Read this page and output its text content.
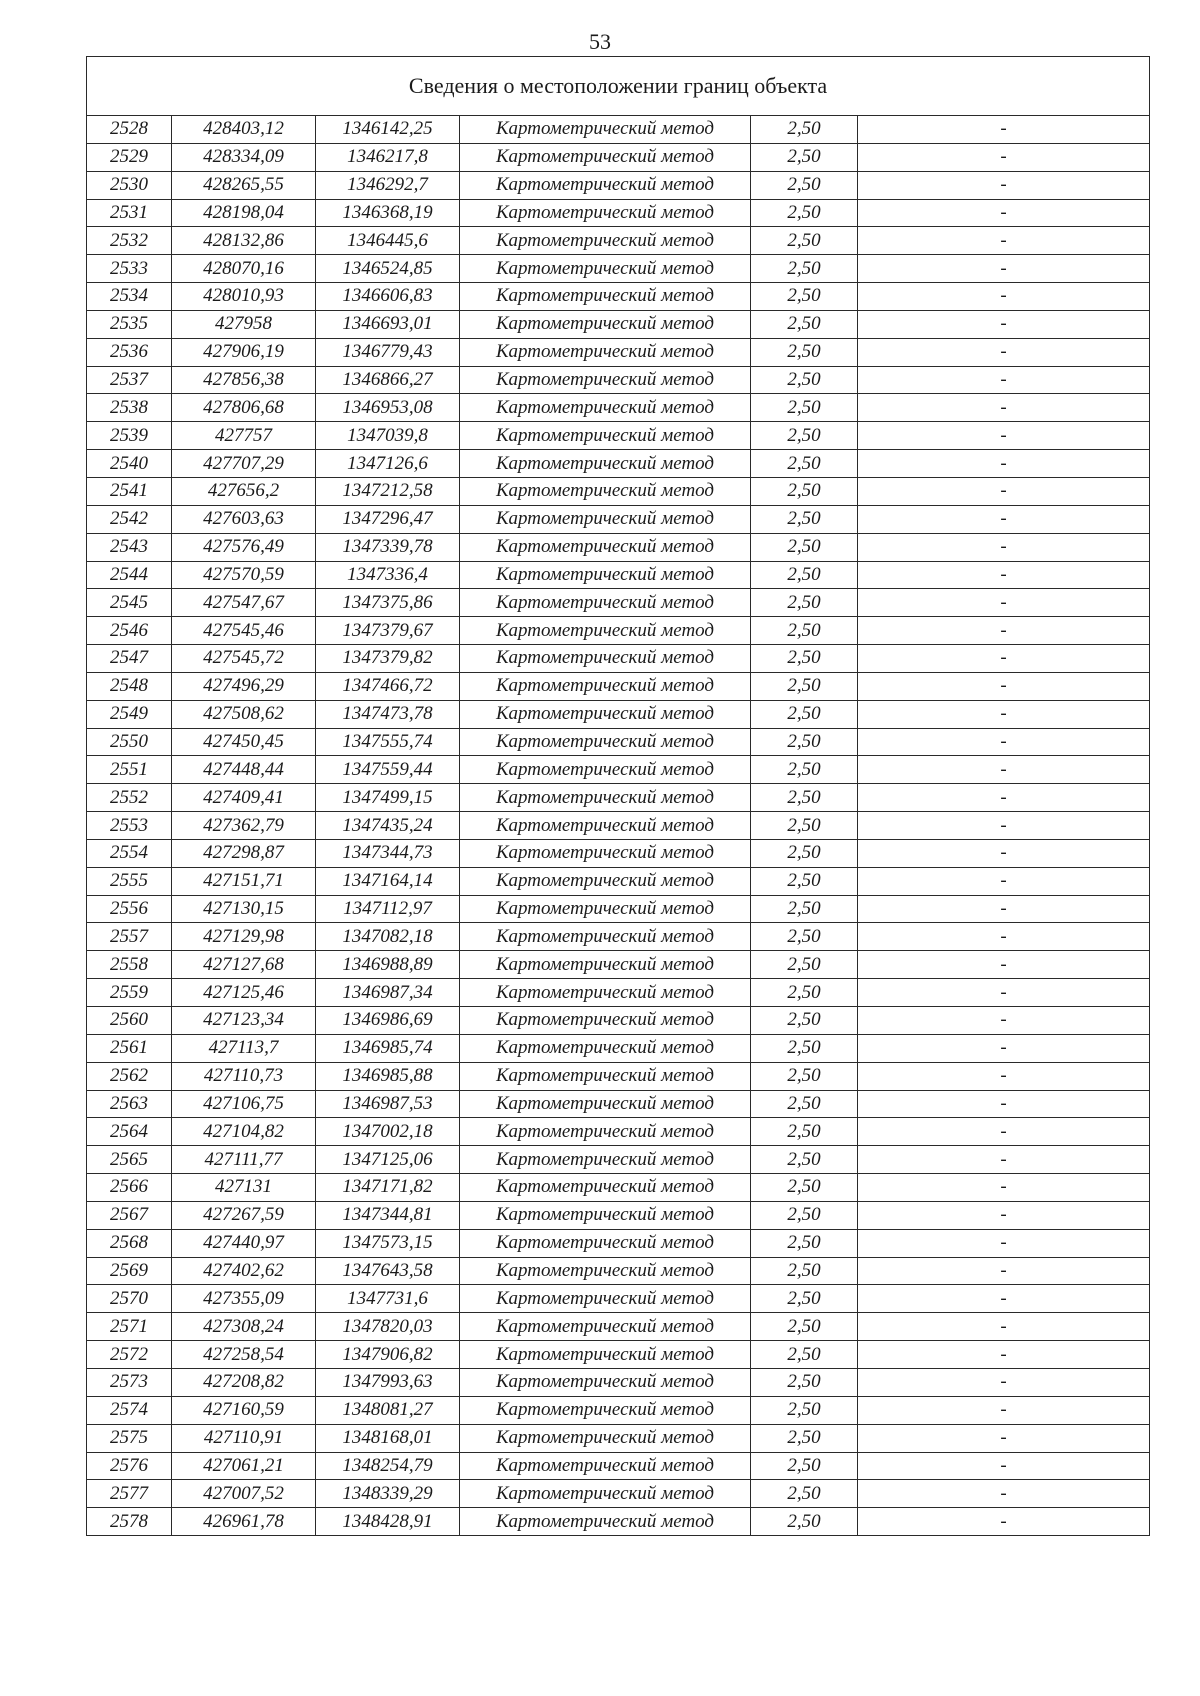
53
Сведения о местоположении границ объекта					
2528	428403,12	1346142,25	Картометрический метод	2,50	-
2529	428334,09	1346217,8	Картометрический метод	2,50	-
2530	428265,55	1346292,7	Картометрический метод	2,50	-
2531	428198,04	1346368,19	Картометрический метод	2,50	-
2532	428132,86	1346445,6	Картометрический метод	2,50	-
2533	428070,16	1346524,85	Картометрический метод	2,50	-
2534	428010,93	1346606,83	Картометрический метод	2,50	-
2535	427958	1346693,01	Картометрический метод	2,50	-
2536	427906,19	1346779,43	Картометрический метод	2,50	-
2537	427856,38	1346866,27	Картометрический метод	2,50	-
2538	427806,68	1346953,08	Картометрический метод	2,50	-
2539	427757	1347039,8	Картометрический метод	2,50	-
2540	427707,29	1347126,6	Картометрический метод	2,50	-
2541	427656,2	1347212,58	Картометрический метод	2,50	-
2542	427603,63	1347296,47	Картометрический метод	2,50	-
2543	427576,49	1347339,78	Картометрический метод	2,50	-
2544	427570,59	1347336,4	Картометрический метод	2,50	-
2545	427547,67	1347375,86	Картометрический метод	2,50	-
2546	427545,46	1347379,67	Картометрический метод	2,50	-
2547	427545,72	1347379,82	Картометрический метод	2,50	-
2548	427496,29	1347466,72	Картометрический метод	2,50	-
2549	427508,62	1347473,78	Картометрический метод	2,50	-
2550	427450,45	1347555,74	Картометрический метод	2,50	-
2551	427448,44	1347559,44	Картометрический метод	2,50	-
2552	427409,41	1347499,15	Картометрический метод	2,50	-
2553	427362,79	1347435,24	Картометрический метод	2,50	-
2554	427298,87	1347344,73	Картометрический метод	2,50	-
2555	427151,71	1347164,14	Картометрический метод	2,50	-
2556	427130,15	1347112,97	Картометрический метод	2,50	-
2557	427129,98	1347082,18	Картометрический метод	2,50	-
2558	427127,68	1346988,89	Картометрический метод	2,50	-
2559	427125,46	1346987,34	Картометрический метод	2,50	-
2560	427123,34	1346986,69	Картометрический метод	2,50	-
2561	427113,7	1346985,74	Картометрический метод	2,50	-
2562	427110,73	1346985,88	Картометрический метод	2,50	-
2563	427106,75	1346987,53	Картометрический метод	2,50	-
2564	427104,82	1347002,18	Картометрический метод	2,50	-
2565	427111,77	1347125,06	Картометрический метод	2,50	-
2566	427131	1347171,82	Картометрический метод	2,50	-
2567	427267,59	1347344,81	Картометрический метод	2,50	-
2568	427440,97	1347573,15	Картометрический метод	2,50	-
2569	427402,62	1347643,58	Картометрический метод	2,50	-
2570	427355,09	1347731,6	Картометрический метод	2,50	-
2571	427308,24	1347820,03	Картометрический метод	2,50	-
2572	427258,54	1347906,82	Картометрический метод	2,50	-
2573	427208,82	1347993,63	Картометрический метод	2,50	-
2574	427160,59	1348081,27	Картометрический метод	2,50	-
2575	427110,91	1348168,01	Картометрический метод	2,50	-
2576	427061,21	1348254,79	Картометрический метод	2,50	-
2577	427007,52	1348339,29	Картометрический метод	2,50	-
2578	426961,78	1348428,91	Картометрический метод	2,50	-
